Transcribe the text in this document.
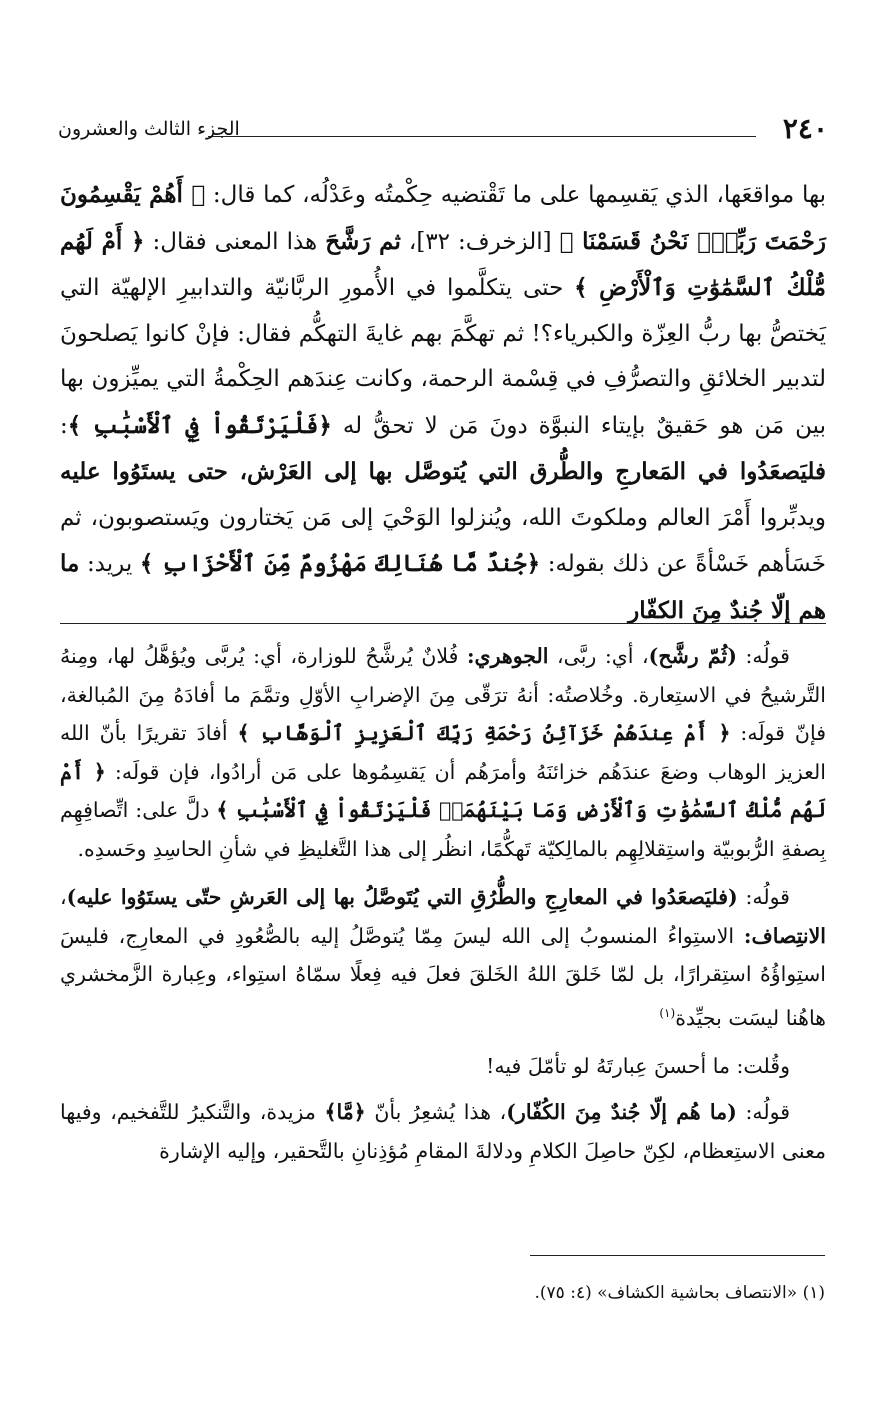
٢٤٠
الجزء الثالث والعشرون

بها مواقعَها، الذي يَقسِمها على ما تَقْتضيه حِكْمتُه وعَدْلُه، كما قال: ﴿ أَهُمْ يَقْسِمُونَ رَحْمَتَ رَبِّكَۚ نَحْنُ قَسَمْنَا ﴾ [الزخرف: ٣٢]، ثم رَشَّحَ هذا المعنى فقال: ﴿ أَمْ لَهُم مُّلْكُ ٱلسَّمَٰوَٰتِ وَٱلْأَرْضِ ﴾ حتى يتكلَّموا في الأُمورِ الربَّانيّة والتدابيرِ الإلهيّة التي يَختصُّ بها ربُّ العِزّة والكبرياء؟! ثم تهكَّمَ بهم غايةَ التهكُّم فقال: فإنْ كانوا يَصلحونَ لتدبير الخلائقِ والتصرُّفِ في قِسْمة الرحمة، وكانت عِندَهم الحِكْمةُ التي يميِّزون بها بين مَن هو حَقيقٌ بإيتاء النبوَّة دونَ مَن لا تحقُّ له ﴿فَلْيَرْتَقُواْ فِي ٱلْأَسْبَٰبِ ﴾: فليَصعَدُوا في المَعارجِ والطُّرق التي يُتوصَّل بها إلى العَرْش، حتى يستَوُوا عليه ويدبِّروا أَمْرَ العالم وملكوتَ الله، ويُنزلوا الوَحْيَ إلى مَن يَختارون ويَستصوبون، ثم خَسَأهم خَسْأةً عن ذلك بقوله: ﴿جُندٌ مَّا هُنَالِكَ مَهْزُومٌ مِّنَ ٱلْأَحْزَابِ ﴾ يريد: ما هم إلّا جُندٌ مِنَ الكفّار

قولُه: (ثُمّ رشَّح)، أي: ربَّى، الجوهري: فُلانٌ يُرشَّحُ للوزارة، أي: يُربَّى ويُؤهَّلُ لها، ومِنهُ التَّرشيحُ في الاستِعارة. وخُلاصتُه: أنهُ ترَقّى مِنَ الإضرابِ الأوّلِ وتمَّمَ ما أفادَهُ مِنَ المُبالغة، فإنّ قولَه: ﴿ أَمْ عِندَهُمْ خَزَآئِنُ رَحْمَةِ رَبِّكَ ٱلْعَزِيزِ ٱلْوَهَّابِ ﴾ أفادَ تقريرًا بأنّ الله العزيز الوهاب وضعَ عندَهُم خزائنَهُ وأمرَهُم أن يَقسِمُوها على مَن أرادُوا، فإن قولَه: ﴿ أَمْ لَهُم مُّلْكُ ٱلسَّمَٰوَٰتِ وَٱلْأَرْضِ وَمَا بَيْنَهُمَاۖ فَلْيَرْتَقُواْ فِي ٱلْأَسْبَٰبِ ﴾ دلَّ على: اتِّصافِهِم بِصفةِ الرُّبوبيّة واستِقلالِهِم بالمالِكيّة تَهكُّمًا، انظُر إلى هذا التَّغليظِ في شأنِ الحاسِدِ وحَسدِه.

قولُه: (فليَصعَدُوا في المعارِجِ والطُّرُقِ التي يُتَوصَّلُ بها إلى العَرشِ حتّى يستَوُوا عليه)، الانتِصاف: الاستِواءُ المنسوبُ إلى الله ليسَ مِمّا يُتوصَّلُ إليه بالصُّعُودِ في المعارِج، فليسَ استِواؤُهُ استِقرارًا، بل لمّا خَلقَ اللهُ الخَلقَ فعلَ فيه فِعلًا سمّاهُ استِواء، وعِبارة الزَّمخشري هاهُنا ليسَت بجيِّدة$^{(١)}$

وقُلت: ما أحسنَ عِبارتَهُ لو تأمّلَ فيه!

قولُه: (ما هُم إلّا جُندٌ مِنَ الكُفّار)، هذا يُشعِرُ بأنّ ﴿مَّا﴾ مزيدة، والتَّنكيرُ للتَّفخيم، وفيها معنى الاستِعظام، لكِنّ حاصِلَ الكلامِ ودلالةَ المقامِ مُؤذِنانِ بالتَّحقير، وإليه الإشارة

(١) «الانتصاف بحاشية الكشاف» (٤: ٧٥).
